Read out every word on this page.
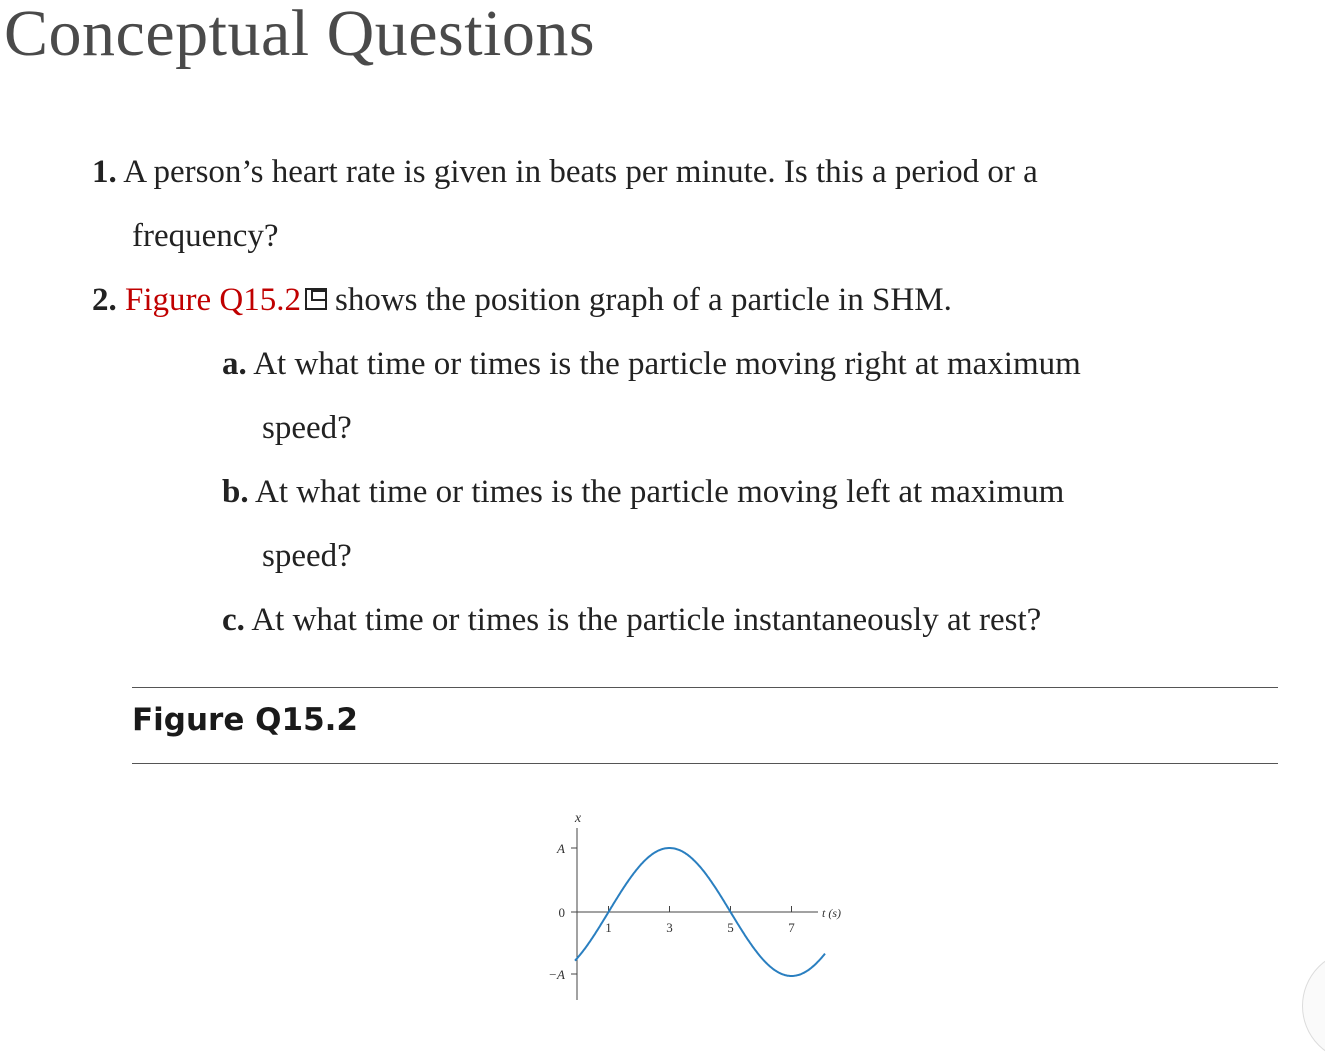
Conceptual Questions
1. A person’s heart rate is given in beats per minute. Is this a period or a
frequency?
2. Figure Q15.2 shows the position graph of a particle in SHM.
a. At what time or times is the particle moving right at maximum
speed?
b. At what time or times is the particle moving left at maximum
speed?
c. At what time or times is the particle instantaneously at rest?
Figure Q15.2
x
A
0
−A
1	3	5	7
t (s)
